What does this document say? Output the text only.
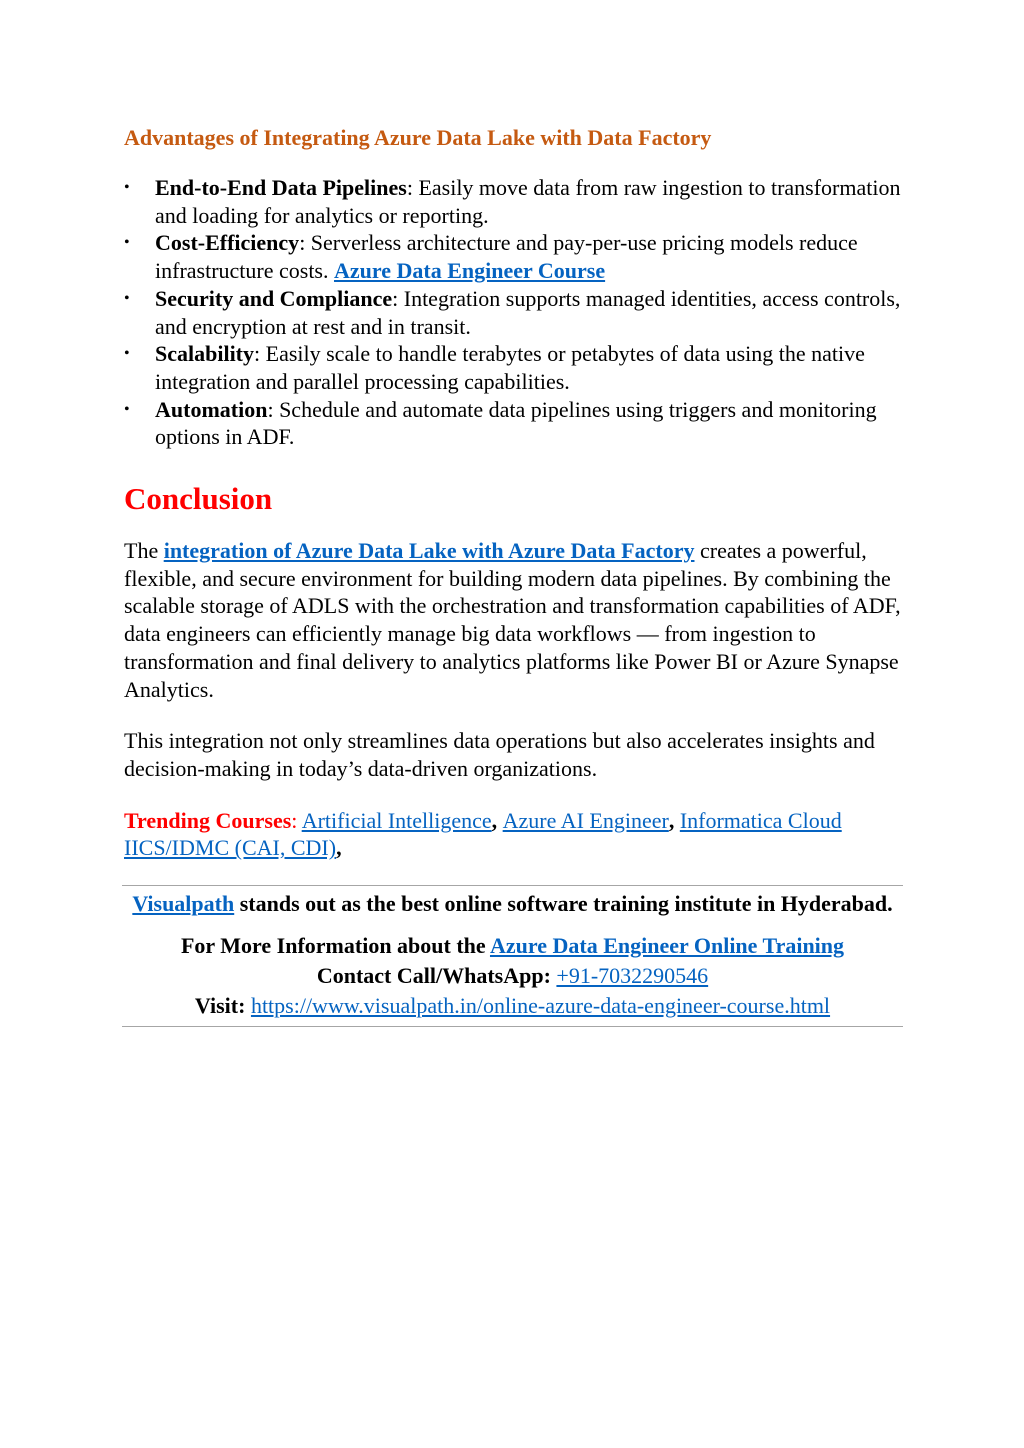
Advantages of Integrating Azure Data Lake with Data Factory
• End-to-End Data Pipelines: Easily move data from raw ingestion to transformation and loading for analytics or reporting.
• Cost-Efficiency: Serverless architecture and pay-per-use pricing models reduce infrastructure costs. Azure Data Engineer Course
• Security and Compliance: Integration supports managed identities, access controls, and encryption at rest and in transit.
• Scalability: Easily scale to handle terabytes or petabytes of data using the native integration and parallel processing capabilities.
• Automation: Schedule and automate data pipelines using triggers and monitoring options in ADF.
Conclusion

The integration of Azure Data Lake with Azure Data Factory creates a powerful, flexible, and secure environment for building modern data pipelines. By combining the scalable storage of ADLS with the orchestration and transformation capabilities of ADF, data engineers can efficiently manage big data workflows — from ingestion to transformation and final delivery to analytics platforms like Power BI or Azure Synapse Analytics.

This integration not only streamlines data operations but also accelerates insights and decision-making in today’s data-driven organizations.

Trending Courses: Artificial Intelligence, Azure AI Engineer, Informatica Cloud IICS/IDMC (CAI, CDI),

Visualpath stands out as the best online software training institute in Hyderabad.

For More Information about the Azure Data Engineer Online Training

Contact Call/WhatsApp: +91-7032290546

Visit: https://www.visualpath.in/online-azure-data-engineer-course.html
